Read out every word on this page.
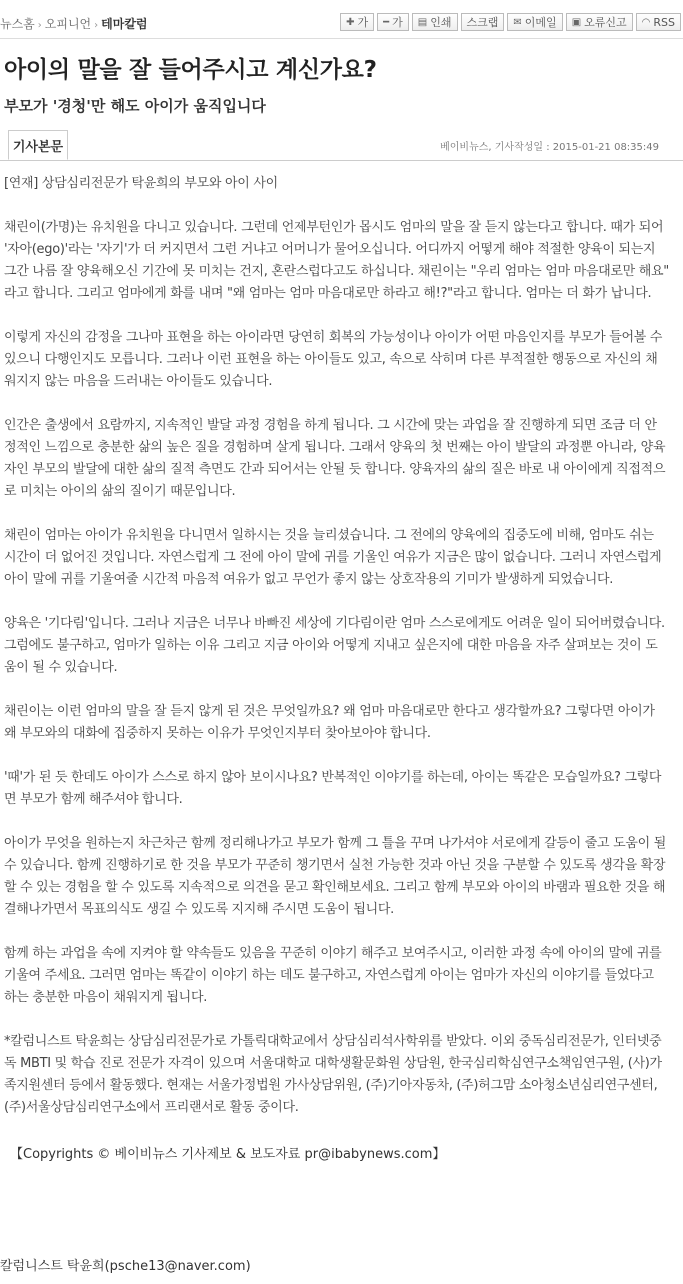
뉴스홈 › 오피니언 › 테마칼럼	✚ 가 ━ 가 ▤ 인쇄 스크랩 ✉ 이메일 ▣ 오류신고 ◠ RSS
아이의 말을 잘 들어주시고 계신가요?
부모가 '경청'만 해도 아이가 움직입니다
기사본문	베이비뉴스, 기사작성일 : 2015-01-21 08:35:49

[연재] 상담심리전문가 탁윤희의 부모와 아이 사이

채린이(가명)는 유치원을 다니고 있습니다. 그런데 언제부턴인가 몹시도 엄마의 말을 잘 듣지 않는다고 합니다. 때가 되어 '자아(ego)'라는 '자기'가 더 커지면서 그런 거냐고 어머니가 물어오십니다. 어디까지 어떻게 해야 적절한 양육이 되는지 그간 나름 잘 양육해오신 기간에 못 미치는 건지, 혼란스럽다고도 하십니다. 채린이는 "우리 엄마는 엄마 마음대로만 해요" 라고 합니다. 그리고 엄마에게 화를 내며 "왜 엄마는 엄마 마음대로만 하라고 해!?"라고 합니다. 엄마는 더 화가 납니다.

이렇게 자신의 감정을 그나마 표현을 하는 아이라면 당연히 회복의 가능성이나 아이가 어떤 마음인지를 부모가 들어볼 수 있으니 다행인지도 모릅니다. 그러나 이런 표현을 하는 아이들도 있고, 속으로 삭히며 다른 부적절한 행동으로 자신의 채워지지 않는 마음을 드러내는 아이들도 있습니다.

인간은 출생에서 요람까지, 지속적인 발달 과정 경험을 하게 됩니다. 그 시간에 맞는 과업을 잘 진행하게 되면 조금 더 안정적인 느낌으로 충분한 삶의 높은 질을 경험하며 살게 됩니다. 그래서 양육의 첫 번째는 아이 발달의 과정뿐 아니라, 양육자인 부모의 발달에 대한 삶의 질적 측면도 간과 되어서는 안될 듯 합니다. 양육자의 삶의 질은 바로 내 아이에게 직접적으로 미치는 아이의 삶의 질이기 때문입니다.

채린이 엄마는 아이가 유치원을 다니면서 일하시는 것을 늘리셨습니다. 그 전에의 양육에의 집중도에 비해, 엄마도 쉬는 시간이 더 없어진 것입니다. 자연스럽게 그 전에 아이 말에 귀를 기울인 여유가 지금은 많이 없습니다. 그러니 자연스럽게 아이 말에 귀를 기울여줄 시간적 마음적 여유가 없고 무언가 좋지 않는 상호작용의 기미가 발생하게 되었습니다.

양육은 '기다림'입니다. 그러나 지금은 너무나 바빠진 세상에 기다림이란 엄마 스스로에게도 어려운 일이 되어버렸습니다. 그럼에도 불구하고, 엄마가 일하는 이유 그리고 지금 아이와 어떻게 지내고 싶은지에 대한 마음을 자주 살펴보는 것이 도움이 될 수 있습니다.

채린이는 이런 엄마의 말을 잘 듣지 않게 된 것은 무엇일까요? 왜 엄마 마음대로만 한다고 생각할까요? 그렇다면 아이가 왜 부모와의 대화에 집중하지 못하는 이유가 무엇인지부터 찾아보아야 합니다.

'때'가 된 듯 한데도 아이가 스스로 하지 않아 보이시나요? 반복적인 이야기를 하는데, 아이는 똑같은 모습일까요? 그렇다면 부모가 함께 해주셔야 합니다.

아이가 무엇을 원하는지 차근차근 함께 정리해나가고 부모가 함께 그 틀을 꾸며 나가셔야 서로에게 갈등이 줄고 도움이 될 수 있습니다. 함께 진행하기로 한 것을 부모가 꾸준히 챙기면서 실천 가능한 것과 아닌 것을 구분할 수 있도록 생각을 확장할 수 있는 경험을 할 수 있도록 지속적으로 의견을 묻고 확인해보세요. 그리고 함께 부모와 아이의 바램과 필요한 것을 해결해나가면서 목표의식도 생길 수 있도록 지지해 주시면 도움이 됩니다.

함께 하는 과업을 속에 지켜야 할 약속들도 있음을 꾸준히 이야기 해주고 보여주시고, 이러한 과정 속에 아이의 말에 귀를 기울여 주세요. 그러면 엄마는 똑같이 이야기 하는 데도 불구하고, 자연스럽게 아이는 엄마가 자신의 이야기를 들었다고 하는 충분한 마음이 채워지게 됩니다.

*칼럼니스트 탁윤희는 상담심리전문가로 가톨릭대학교에서 상담심리석사학위를 받았다. 이외 중독심리전문가, 인터넷중독 MBTI 및 학습 진로 전문가 자격이 있으며 서울대학교 대학생활문화원 상담원, 한국심리학심연구소책임연구원, (사)가족지원센터 등에서 활동했다. 현재는 서울가정법원 가사상담위원, (주)기아자동차, (주)허그맘 소아청소년심리연구센터, (주)서울상담심리연구소에서 프리랜서로 활동 중이다.

【Copyrights © 베이비뉴스 기사제보 & 보도자료 pr@ibabynews.com】
칼럼니스트 탁윤희(psche13@naver.com)
